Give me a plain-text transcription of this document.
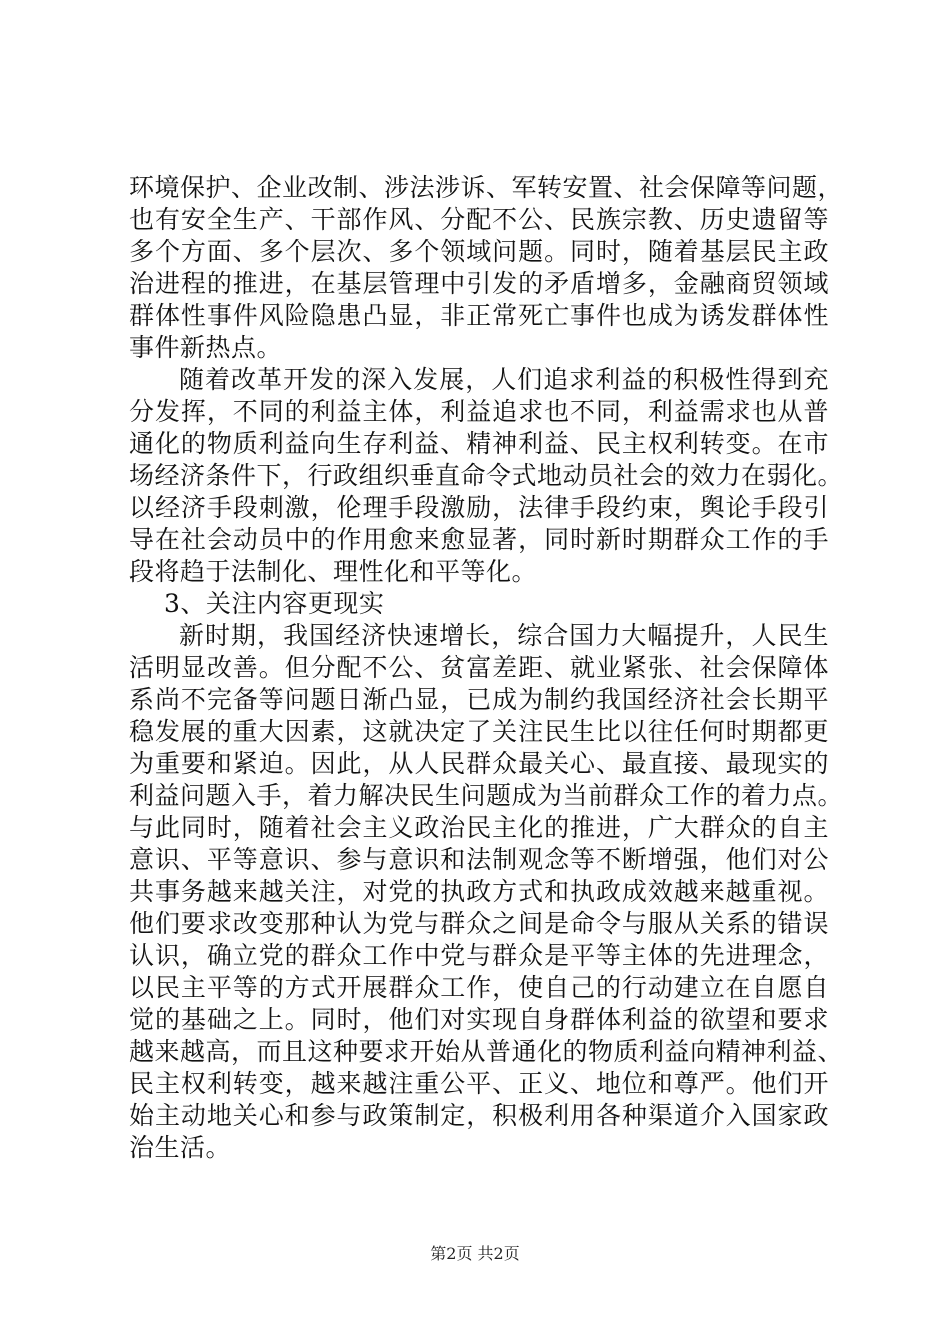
环境保护、企业改制、涉法涉诉、军转安置、社会保障等问题，
也有安全生产、干部作风、分配不公、民族宗教、历史遗留等
多个方面、多个层次、多个领域问题。同时，随着基层民主政
治进程的推进，在基层管理中引发的矛盾增多，金融商贸领域
群体性事件风险隐患凸显，非正常死亡事件也成为诱发群体性
事件新热点。
随着改革开发的深入发展，人们追求利益的积极性得到充
分发挥，不同的利益主体，利益追求也不同，利益需求也从普
通化的物质利益向生存利益、精神利益、民主权利转变。在市
场经济条件下，行政组织垂直命令式地动员社会的效力在弱化。
以经济手段刺激，伦理手段激励，法律手段约束，舆论手段引
导在社会动员中的作用愈来愈显著，同时新时期群众工作的手
段将趋于法制化、理性化和平等化。
3、关注内容更现实
新时期，我国经济快速增长，综合国力大幅提升，人民生
活明显改善。但分配不公、贫富差距、就业紧张、社会保障体
系尚不完备等问题日渐凸显，已成为制约我国经济社会长期平
稳发展的重大因素，这就决定了关注民生比以往任何时期都更
为重要和紧迫。因此，从人民群众最关心、最直接、最现实的
利益问题入手，着力解决民生问题成为当前群众工作的着力点。
与此同时，随着社会主义政治民主化的推进，广大群众的自主
意识、平等意识、参与意识和法制观念等不断增强，他们对公
共事务越来越关注，对党的执政方式和执政成效越来越重视。
他们要求改变那种认为党与群众之间是命令与服从关系的错误
认识，确立党的群众工作中党与群众是平等主体的先进理念，
以民主平等的方式开展群众工作，使自己的行动建立在自愿自
觉的基础之上。同时，他们对实现自身群体利益的欲望和要求
越来越高，而且这种要求开始从普通化的物质利益向精神利益、
民主权利转变，越来越注重公平、正义、地位和尊严。他们开
始主动地关心和参与政策制定，积极利用各种渠道介入国家政
治生活。
第2页 共2页
